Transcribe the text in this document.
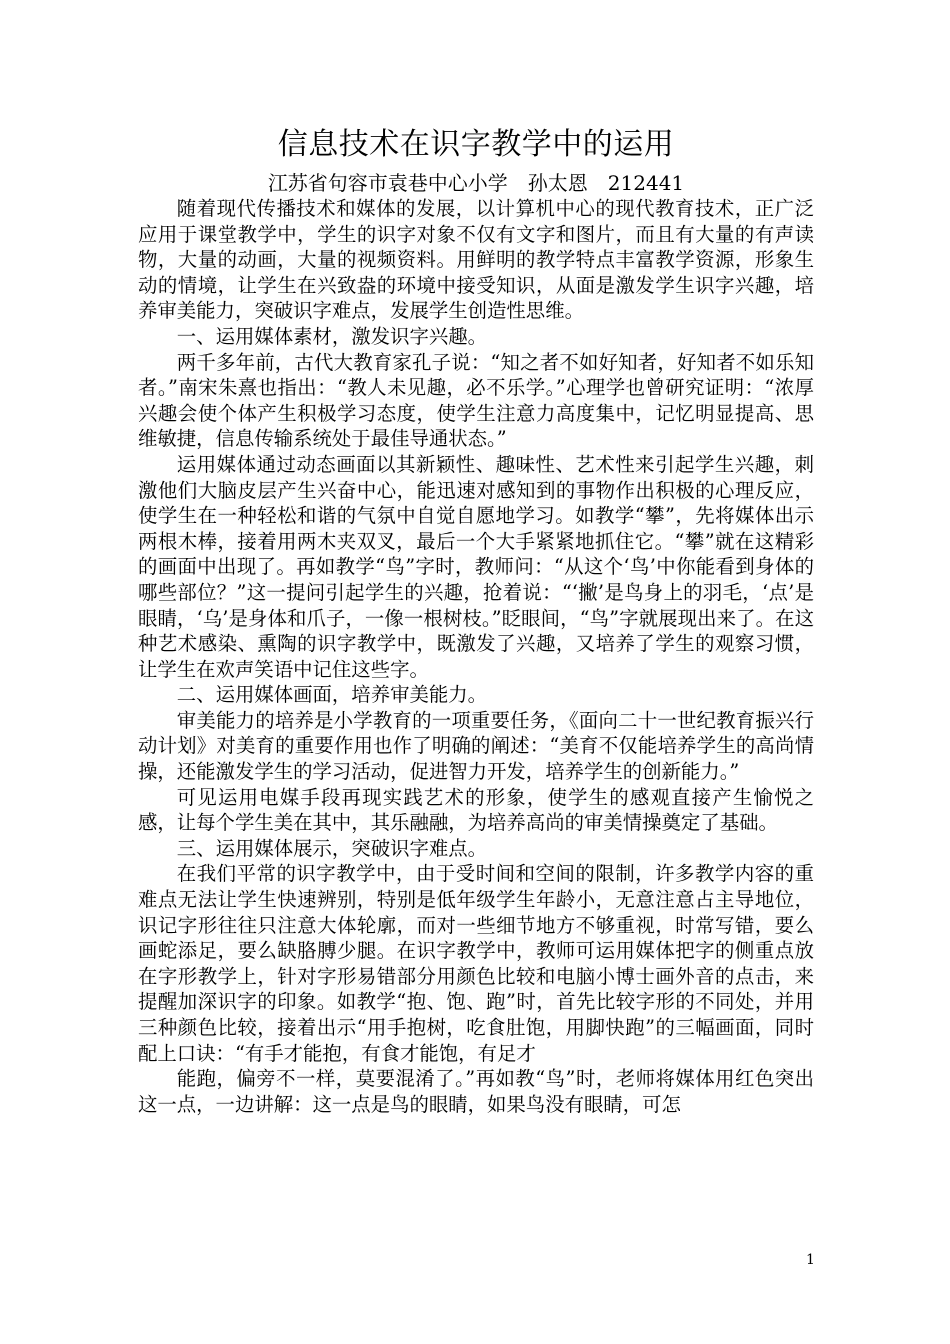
信息技术在识字教学中的运用
江苏省句容市袁巷中心小学　孙太恩　212441

随着现代传播技术和媒体的发展，以计算机中心的现代教育技术，正广泛应用于课堂教学中，学生的识字对象不仅有文字和图片，而且有大量的有声读物，大量的动画，大量的视频资料。用鲜明的教学特点丰富教学资源，形象生动的情境，让学生在兴致盎的环境中接受知识，从面是激发学生识字兴趣，培养审美能力，突破识字难点，发展学生创造性思维。

一、运用媒体素材，激发识字兴趣。

两千多年前，古代大教育家孔子说：“知之者不如好知者，好知者不如乐知者。”南宋朱熹也指出：“教人未见趣，必不乐学。”心理学也曾研究证明：“浓厚兴趣会使个体产生积极学习态度，使学生注意力高度集中，记忆明显提高、思维敏捷，信息传输系统处于最佳导通状态。”

运用媒体通过动态画面以其新颖性、趣味性、艺术性来引起学生兴趣，刺激他们大脑皮层产生兴奋中心，能迅速对感知到的事物作出积极的心理反应，使学生在一种轻松和谐的气氛中自觉自愿地学习。如教学“攀”，先将媒体出示两根木棒，接着用两木夹双叉，最后一个大手紧紧地抓住它。“攀”就在这精彩的画面中出现了。再如教学“鸟”字时，教师问：“从这个‘鸟’中你能看到身体的哪些部位？”这一提问引起学生的兴趣，抢着说：“‘撇’是鸟身上的羽毛，‘点’是眼睛，‘乌’是身体和爪子，一像一根树枝。”眨眼间，“鸟”字就展现出来了。在这种艺术感染、熏陶的识字教学中，既激发了兴趣，又培养了学生的观察习惯，让学生在欢声笑语中记住这些字。

二、运用媒体画面，培养审美能力。

审美能力的培养是小学教育的一项重要任务，《面向二十一世纪教育振兴行动计划》对美育的重要作用也作了明确的阐述：“美育不仅能培养学生的高尚情操，还能激发学生的学习活动，促进智力开发，培养学生的创新能力。”

可见运用电媒手段再现实践艺术的形象，使学生的感观直接产生愉悦之感，让每个学生美在其中，其乐融融，为培养高尚的审美情操奠定了基础。

三、运用媒体展示，突破识字难点。

在我们平常的识字教学中，由于受时间和空间的限制，许多教学内容的重难点无法让学生快速辨别，特别是低年级学生年龄小，无意注意占主导地位，识记字形往往只注意大体轮廓，而对一些细节地方不够重视，时常写错，要么画蛇添足，要么缺胳膊少腿。在识字教学中，教师可运用媒体把字的侧重点放在字形教学上，针对字形易错部分用颜色比较和电脑小博士画外音的点击，来提醒加深识字的印象。如教学“抱、饱、跑”时，首先比较字形的不同处，并用三种颜色比较，接着出示“用手抱树，吃食肚饱，用脚快跑”的三幅画面，同时配上口诀：“有手才能抱，有食才能饱，有足才

能跑，偏旁不一样，莫要混淆了。”再如教“鸟”时，老师将媒体用红色突出这一点，一边讲解：这一点是鸟的眼睛，如果鸟没有眼睛，可怎

1
